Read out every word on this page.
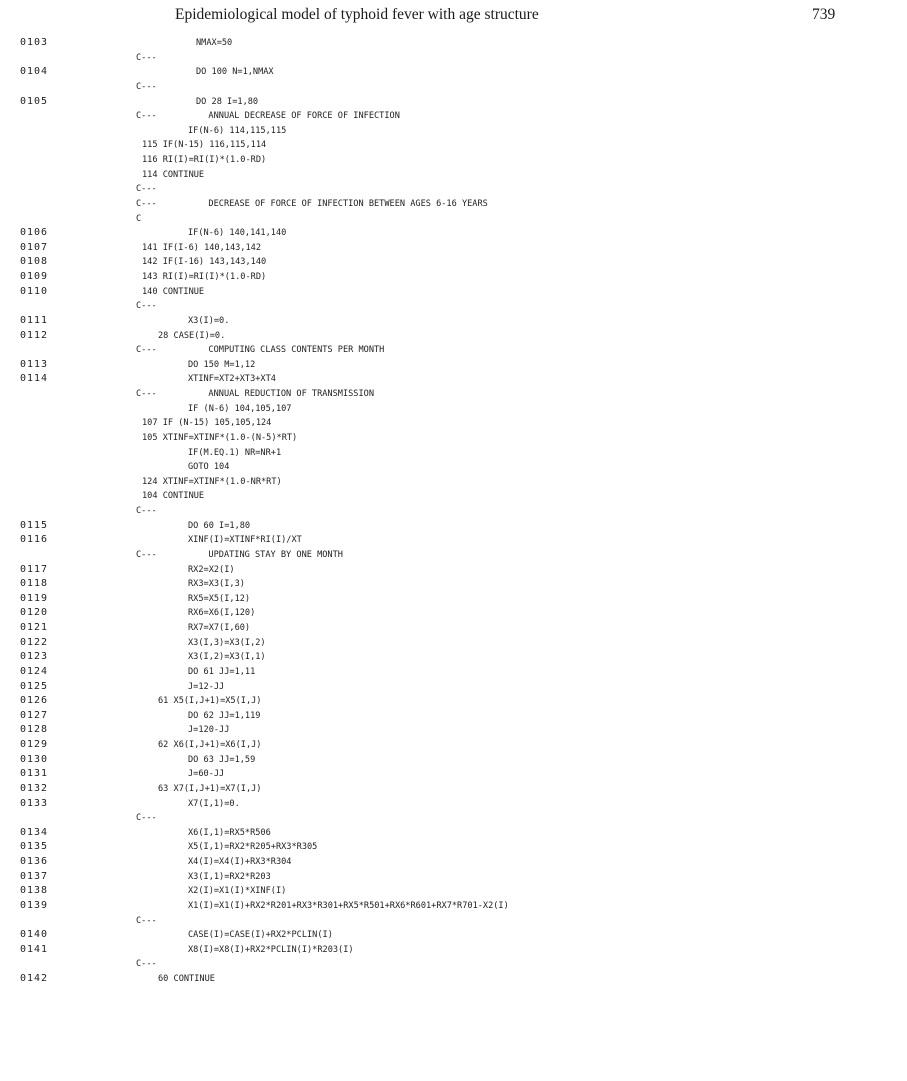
Epidemiological model of typhoid fever with age structure	739
0103	NMAX=50
C---
0104	DO 100 N=1,NMAX
C---
0105	DO 28 I=1,80
C---          ANNUAL DECREASE OF FORCE OF INFECTION
IF(N-6) 114,115,115
115 IF(N-15) 116,115,114
116 RI(I)=RI(I)*(1.0-RD)
114 CONTINUE
C---
C---          DECREASE OF FORCE OF INFECTION BETWEEN AGES 6-16 YEARS
C
0106	IF(N-6) 140,141,140
0107	141 IF(I-6) 140,143,142
0108	142 IF(I-16) 143,143,140
0109	143 RI(I)=RI(I)*(1.0-RD)
0110	140 CONTINUE
C---
0111	X3(I)=0.
0112	28 CASE(I)=0.
C---          COMPUTING CLASS CONTENTS PER MONTH
0113	DO 150 M=1,12
0114	XTINF=XT2+XT3+XT4
C---          ANNUAL REDUCTION OF TRANSMISSION
IF (N-6) 104,105,107
107 IF (N-15) 105,105,124
105 XTINF=XTINF*(1.0-(N-5)*RT)
IF(M.EQ.1) NR=NR+1
GOTO 104
124 XTINF=XTINF*(1.0-NR*RT)
104 CONTINUE
C---
0115	DO 60 I=1,80
0116	XINF(I)=XTINF*RI(I)/XT
C---          UPDATING STAY BY ONE MONTH
0117	RX2=X2(I)
0118	RX3=X3(I,3)
0119	RX5=X5(I,12)
0120	RX6=X6(I,120)
0121	RX7=X7(I,60)
0122	X3(I,3)=X3(I,2)
0123	X3(I,2)=X3(I,1)
0124	DO 61 JJ=1,11
0125	J=12-JJ
0126	61 X5(I,J+1)=X5(I,J)
0127	DO 62 JJ=1,119
0128	J=120-JJ
0129	62 X6(I,J+1)=X6(I,J)
0130	DO 63 JJ=1,59
0131	J=60-JJ
0132	63 X7(I,J+1)=X7(I,J)
0133	X7(I,1)=0.
C---
0134	X6(I,1)=RX5*R506
0135	X5(I,1)=RX2*R205+RX3*R305
0136	X4(I)=X4(I)+RX3*R304
0137	X3(I,1)=RX2*R203
0138	X2(I)=X1(I)*XINF(I)
0139	X1(I)=X1(I)+RX2*R201+RX3*R301+RX5*R501+RX6*R601+RX7*R701-X2(I)
C---
0140	CASE(I)=CASE(I)+RX2*PCLIN(I)
0141	X8(I)=X8(I)+RX2*PCLIN(I)*R203(I)
C---
0142	60 CONTINUE
